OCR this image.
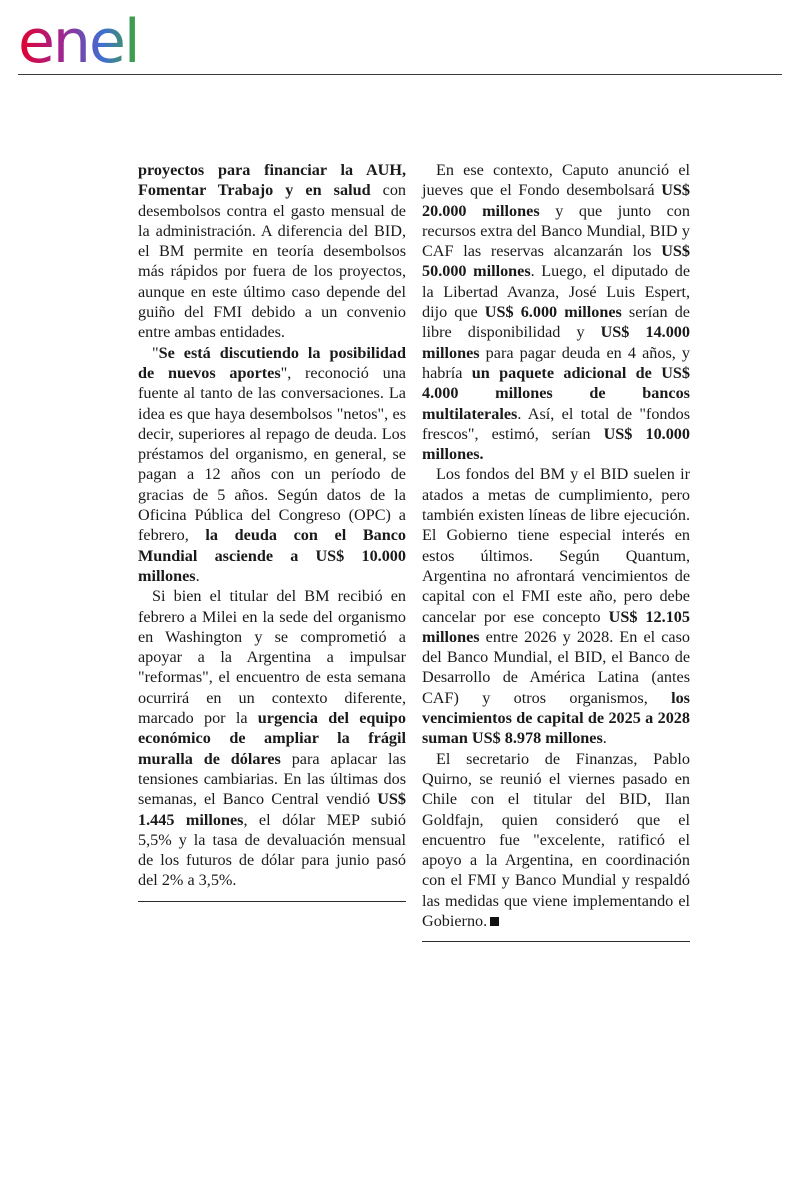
enel

proyectos para financiar la AUH, Fomentar Trabajo y en salud con desembolsos contra el gasto mensual de la administración. A diferencia del BID, el BM permite en teoría desembolsos más rápidos por fuera de los proyectos, aunque en este último caso depende del guiño del FMI debido a un convenio entre ambas entidades.

"Se está discutiendo la posibilidad de nuevos aportes", reconoció una fuente al tanto de las conversaciones. La idea es que haya desembolsos "netos", es decir, superiores al repago de deuda. Los préstamos del organismo, en general, se pagan a 12 años con un período de gracias de 5 años. Según datos de la Oficina Pública del Congreso (OPC) a febrero, la deuda con el Banco Mundial asciende a US$ 10.000 millones.

Si bien el titular del BM recibió en febrero a Milei en la sede del organismo en Washington y se comprometió a apoyar a la Argentina a impulsar "reformas", el encuentro de esta semana ocurrirá en un contexto diferente, marcado por la urgencia del equipo económico de ampliar la frágil muralla de dólares para aplacar las tensiones cambiarias. En las últimas dos semanas, el Banco Central vendió US$ 1.445 millones, el dólar MEP subió 5,5% y la tasa de devaluación mensual de los futuros de dólar para junio pasó del 2% a 3,5%.

En ese contexto, Caputo anunció el jueves que el Fondo desembolsará US$ 20.000 millones y que junto con recursos extra del Banco Mundial, BID y CAF las reservas alcanzarán los US$ 50.000 millones. Luego, el diputado de la Libertad Avanza, José Luis Espert, dijo que US$ 6.000 millones serían de libre disponibilidad y US$ 14.000 millones para pagar deuda en 4 años, y habría un paquete adicional de US$ 4.000 millones de bancos multilaterales. Así, el total de "fondos frescos", estimó, serían US$ 10.000 millones.

Los fondos del BM y el BID suelen ir atados a metas de cumplimiento, pero también existen líneas de libre ejecución. El Gobierno tiene especial interés en estos últimos. Según Quantum, Argentina no afrontará vencimientos de capital con el FMI este año, pero debe cancelar por ese concepto US$ 12.105 millones entre 2026 y 2028. En el caso del Banco Mundial, el BID, el Banco de Desarrollo de América Latina (antes CAF) y otros organismos, los vencimientos de capital de 2025 a 2028 suman US$ 8.978 millones.

El secretario de Finanzas, Pablo Quirno, se reunió el viernes pasado en Chile con el titular del BID, Ilan Goldfajn, quien consideró que el encuentro fue "excelente, ratificó el apoyo a la Argentina, en coordinación con el FMI y Banco Mundial y respaldó las medidas que viene implementando el Gobierno.
